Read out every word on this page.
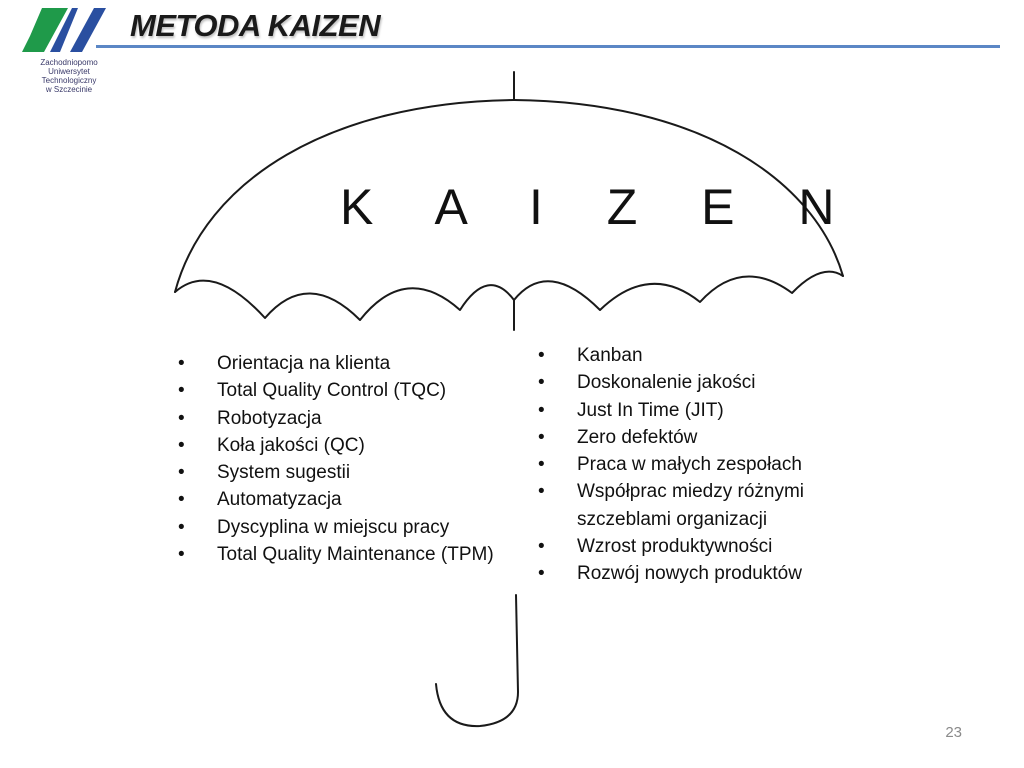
Zachodniopomo
Uniwersytet
Technologiczny
w Szczecinie
METODA KAIZEN
K A I Z E N
• Orientacja na klienta
• Total Quality Control (TQC)
• Robotyzacja
• Koła jakości (QC)
• System sugestii
• Automatyzacja
• Dyscyplina w miejscu pracy
• Total Quality Maintenance (TPM)
• Kanban
• Doskonalenie jakości
• Just In Time (JIT)
• Zero defektów
• Praca w małych zespołach
• Współprac miedzy różnymi szczeblami organizacji
• Wzrost produktywności
• Rozwój nowych produktów
23
